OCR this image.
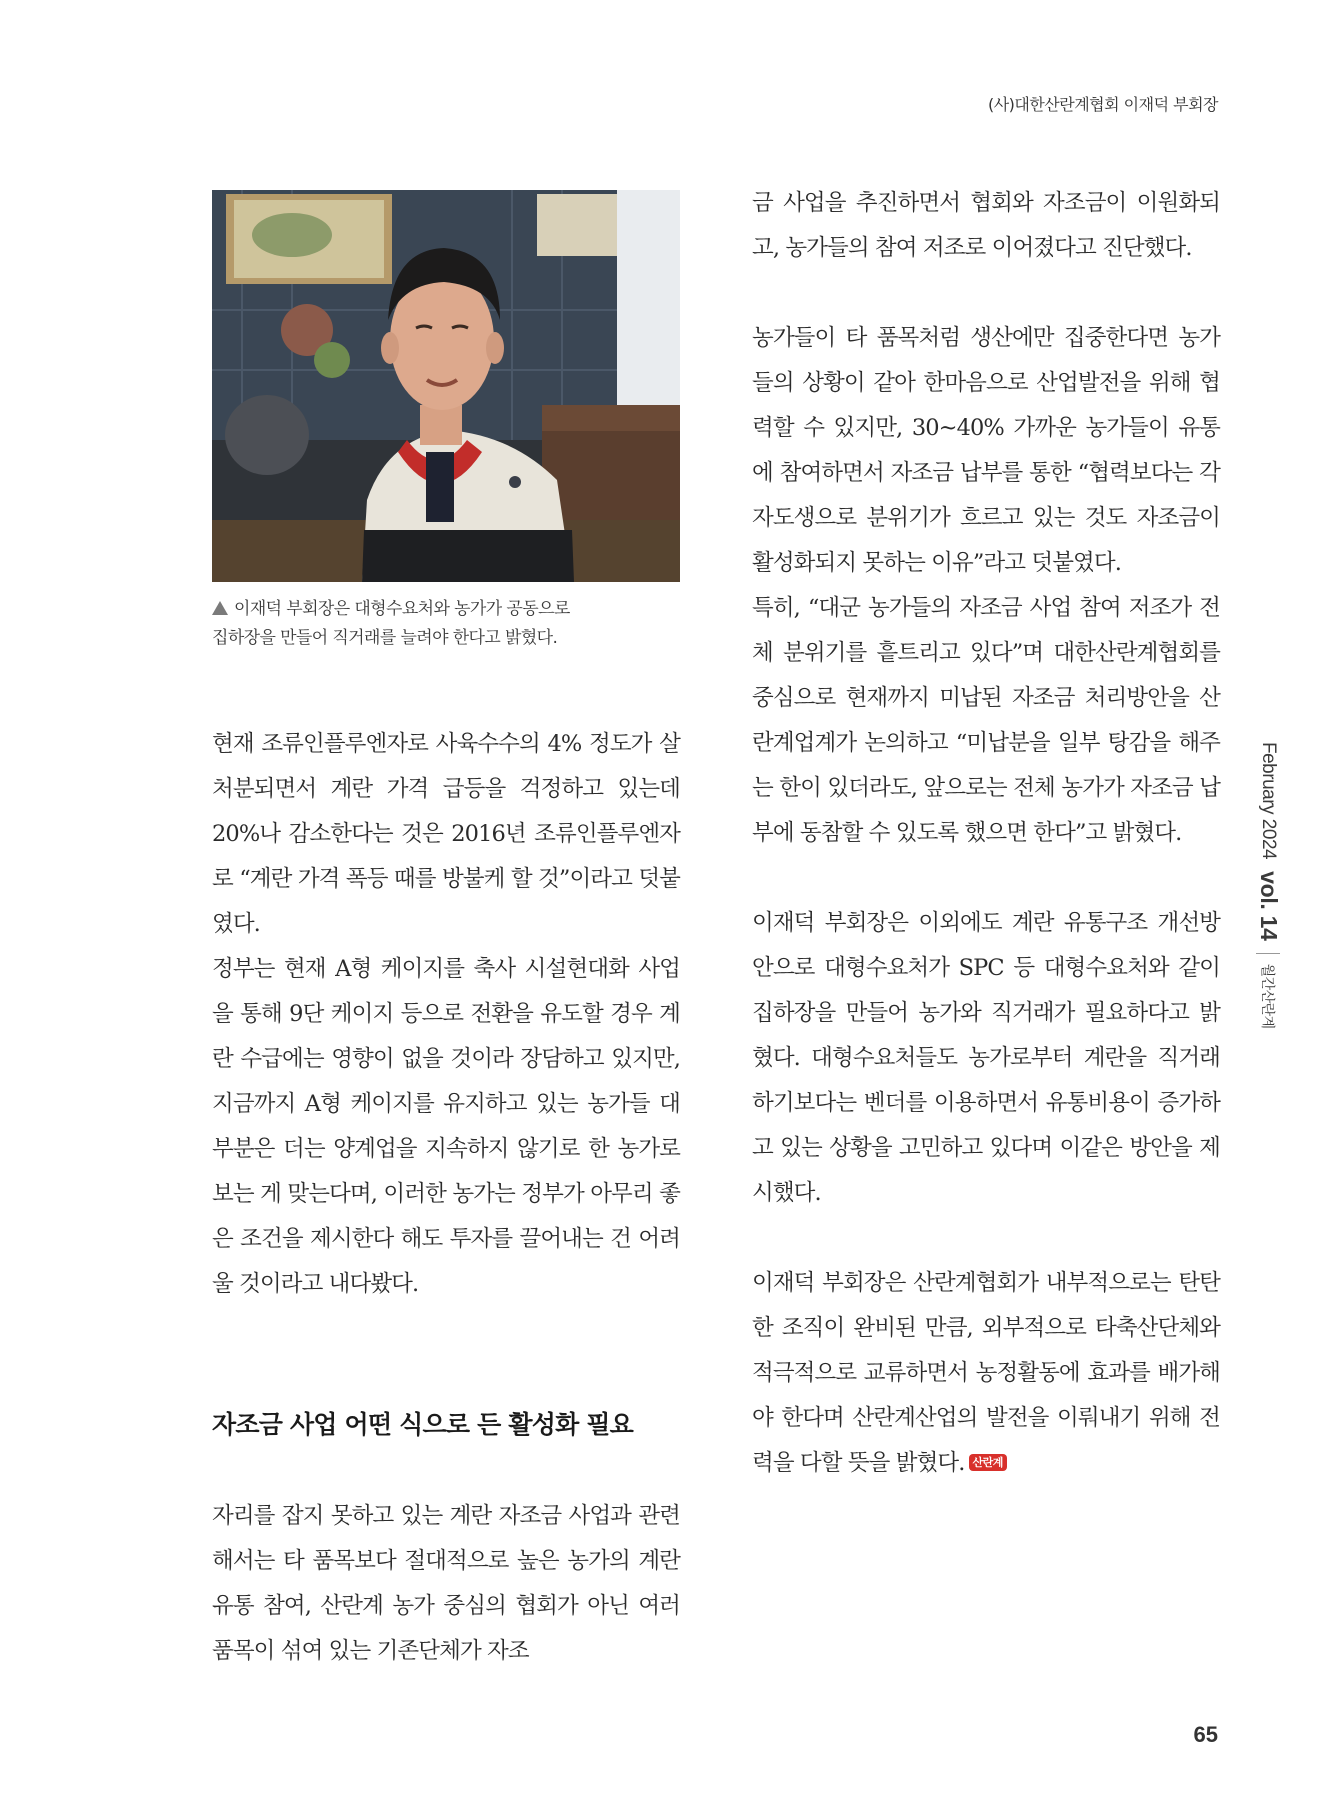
(사)대한산란계협회 이재덕 부회장
이재덕 부회장은 대형수요처와 농가가 공동으로
집하장을 만들어 직거래를 늘려야 한다고 밝혔다.

현재 조류인플루엔자로 사육수수의 4% 정도가 살처분되면서 계란 가격 급등을 걱정하고 있는데 20%나 감소한다는 것은 2016년 조류인플루엔자로 “계란 가격 폭등 때를 방불케 할 것”이라고 덧붙였다.

정부는 현재 A형 케이지를 축사 시설현대화 사업을 통해 9단 케이지 등으로 전환을 유도할 경우 계란 수급에는 영향이 없을 것이라 장담하고 있지만, 지금까지 A형 케이지를 유지하고 있는 농가들 대부분은 더는 양계업을 지속하지 않기로 한 농가로 보는 게 맞는다며, 이러한 농가는 정부가 아무리 좋은 조건을 제시한다 해도 투자를 끌어내는 건 어려울 것이라고 내다봤다.

자조금 사업 어떤 식으로 든 활성화 필요

자리를 잡지 못하고 있는 계란 자조금 사업과 관련해서는 타 품목보다 절대적으로 높은 농가의 계란 유통 참여, 산란계 농가 중심의 협회가 아닌 여러 품목이 섞여 있는 기존단체가 자조

금 사업을 추진하면서 협회와 자조금이 이원화되고, 농가들의 참여 저조로 이어졌다고 진단했다.

농가들이 타 품목처럼 생산에만 집중한다면 농가들의 상황이 같아 한마음으로 산업발전을 위해 협력할 수 있지만, 30~40% 가까운 농가들이 유통에 참여하면서 자조금 납부를 통한 “협력보다는 각자도생으로 분위기가 흐르고 있는 것도 자조금이 활성화되지 못하는 이유”라고 덧붙였다.

특히, “대군 농가들의 자조금 사업 참여 저조가 전체 분위기를 흩트리고 있다”며 대한산란계협회를 중심으로 현재까지 미납된 자조금 처리방안을 산란계업계가 논의하고 “미납분을 일부 탕감을 해주는 한이 있더라도, 앞으로는 전체 농가가 자조금 납부에 동참할 수 있도록 했으면 한다”고 밝혔다.

이재덕 부회장은 이외에도 계란 유통구조 개선방안으로 대형수요처가 SPC 등 대형수요처와 같이 집하장을 만들어 농가와 직거래가 필요하다고 밝혔다. 대형수요처들도 농가로부터 계란을 직거래하기보다는 벤더를 이용하면서 유통비용이 증가하고 있는 상황을 고민하고 있다며 이같은 방안을 제시했다.

이재덕 부회장은 산란계협회가 내부적으로는 탄탄한 조직이 완비된 만큼, 외부적으로 타축산단체와 적극적으로 교류하면서 농정활동에 효과를 배가해야 한다며 산란계산업의 발전을 이뤄내기 위해 전력을 다할 뜻을 밝혔다. 산란계

February 2024
vol. 14
월간산란계
65
